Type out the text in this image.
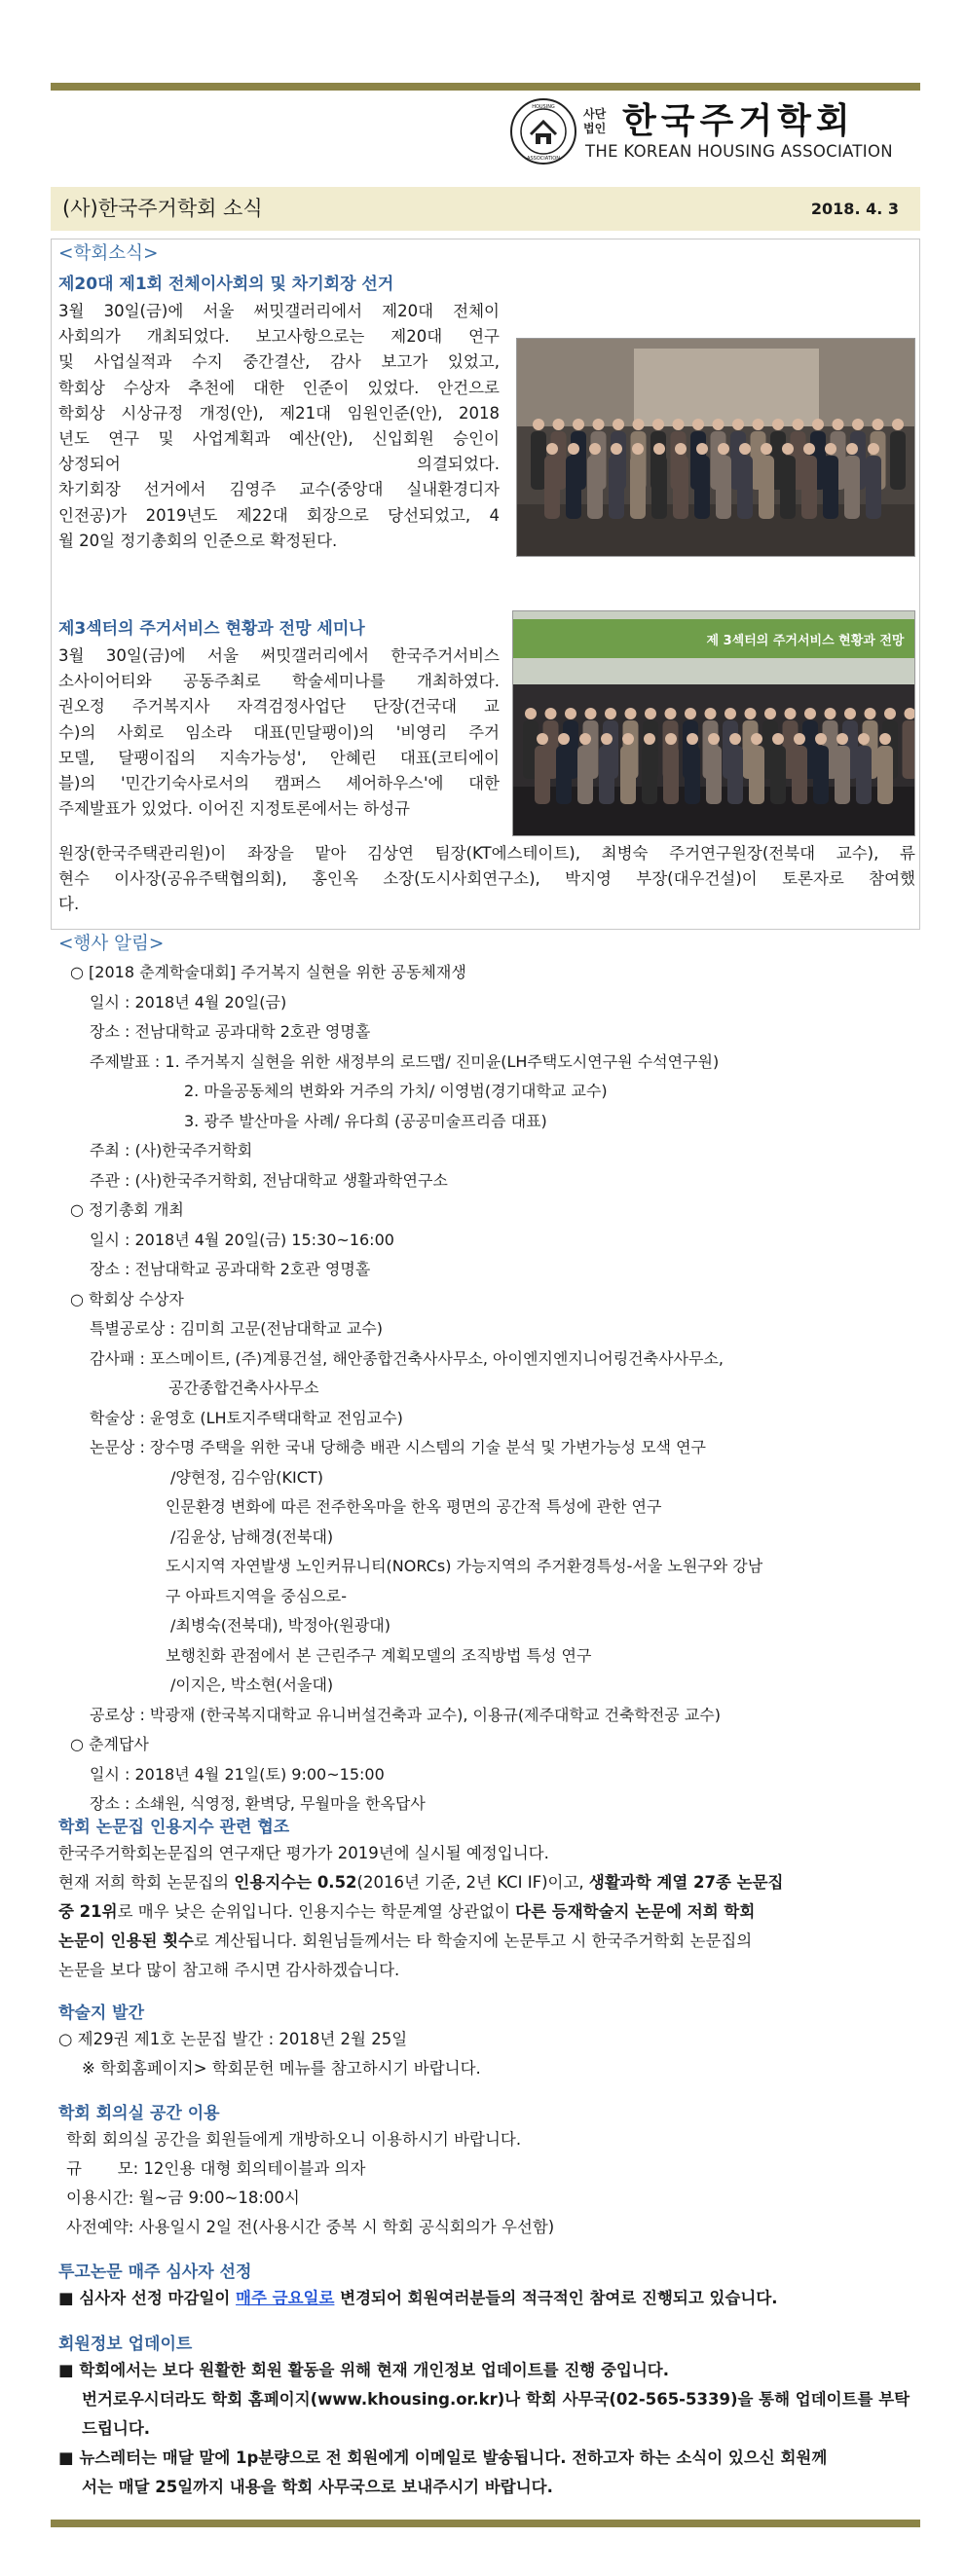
HOUSING
ASSOCIATION
사단
법인 한국주거학회
THE KOREAN HOUSING ASSOCIATION
(사)한국주거학회 소식	2018. 4. 3
<학회소식>
제20대 제1회 전체이사회의 및 차기회장 선거
3월 30일(금)에 서울 써밋갤러리에서 제20대 전체이
사회의가 개최되었다. 보고사항으로는 제20대 연구
및 사업실적과 수지 중간결산, 감사 보고가 있었고,
학회상 수상자 추천에 대한 인준이 있었다. 안건으로
학회상 시상규정 개정(안), 제21대 임원인준(안), 2018
년도 연구 및 사업계획과 예산(안), 신입회원 승인이
상정되어 의결되었다.
차기회장 선거에서 김영주 교수(중앙대 실내환경디자
인전공)가 2019년도 제22대 회장으로 당선되었고, 4
월 20일 정기총회의 인준으로 확정된다.
제3섹터의 주거서비스 현황과 전망 세미나
3월 30일(금)에 서울 써밋갤러리에서 한국주거서비스
소사이어티와 공동주최로 학술세미나를 개최하였다.
권오정 주거복지사 자격검정사업단 단장(건국대 교
수)의 사회로 임소라 대표(민달팽이)의 '비영리 주거
모델, 달팽이집의 지속가능성', 안혜린 대표(코티에이
블)의 '민간기숙사로서의 캠퍼스 셰어하우스'에 대한
주제발표가 있었다. 이어진 지정토론에서는 하성규
원장(한국주택관리원)이 좌장을 맡아 김상연 팀장(KT에스테이트), 최병숙 주거연구원장(전북대 교수), 류
현수 이사장(공유주택협의회), 홍인옥 소장(도시사회연구소), 박지영 부장(대우건설)이 토론자로 참여했
다.
제 3섹터의 주거서비스 현황과 전망
<행사 알림>
○ [2018 춘계학술대회] 주거복지 실현을 위한 공동체재생
일시 : 2018년 4월 20일(금)
장소 : 전남대학교 공과대학 2호관 영명홀
주제발표 : 1. 주거복지 실현을 위한 새정부의 로드맵/ 진미윤(LH주택도시연구원 수석연구원)
2. 마을공동체의 변화와 거주의 가치/ 이영범(경기대학교 교수)
3. 광주 발산마을 사례/ 유다희 (공공미술프리즘 대표)
주최 : (사)한국주거학회
주관 : (사)한국주거학회, 전남대학교 생활과학연구소
○ 정기총회 개최
일시 : 2018년 4월 20일(금) 15:30~16:00
장소 : 전남대학교 공과대학 2호관 영명홀
○ 학회상 수상자
특별공로상 : 김미희 고문(전남대학교 교수)
감사패 : 포스메이트, (주)계룡건설, 해안종합건축사사무소, 아이엔지엔지니어링건축사사무소,
공간종합건축사사무소
학술상 : 윤영호 (LH토지주택대학교 전임교수)
논문상 : 장수명 주택을 위한 국내 당해층 배관 시스템의 기술 분석 및 가변가능성 모색 연구
/양현정, 김수암(KICT)
인문환경 변화에 따른 전주한옥마을 한옥 평면의 공간적 특성에 관한 연구
/김윤상, 남해경(전북대)
도시지역 자연발생 노인커뮤니티(NORCs) 가능지역의 주거환경특성-서울 노원구와 강남
구 아파트지역을 중심으로-
/최병숙(전북대), 박정아(원광대)
보행친화 관점에서 본 근린주구 계획모델의 조직방법 특성 연구
/이지은, 박소현(서울대)
공로상 : 박광재 (한국복지대학교 유니버설건축과 교수), 이용규(제주대학교 건축학전공 교수)
○ 춘계답사
일시 : 2018년 4월 21일(토) 9:00~15:00
장소 : 소쇄원, 식영정, 환벽당, 무월마을 한옥답사
학회 논문집 인용지수 관련 협조
한국주거학회논문집의 연구재단 평가가 2019년에 실시될 예정입니다.
현재 저희 학회 논문집의 인용지수는 0.52(2016년 기준, 2년 KCI IF)이고, 생활과학 계열 27종 논문집
중 21위로 매우 낮은 순위입니다. 인용지수는 학문계열 상관없이 다른 등재학술지 논문에 저희 학회
논문이 인용된 횟수로 계산됩니다. 회원님들께서는 타 학술지에 논문투고 시 한국주거학회 논문집의
논문을 보다 많이 참고해 주시면 감사하겠습니다.
학술지 발간
○ 제29권 제1호 논문집 발간 : 2018년 2월 25일
※ 학회홈페이지> 학회문헌 메뉴를 참고하시기 바랍니다.
학회 회의실 공간 이용
학회 회의실 공간을 회원들에게 개방하오니 이용하시기 바랍니다.
규       모: 12인용 대형 회의테이블과 의자
이용시간: 월~금 9:00~18:00시
사전예약: 사용일시 2일 전(사용시간 중복 시 학회 공식회의가 우선함)
투고논문 매주 심사자 선정
■ 심사자 선정 마감일이 매주 금요일로 변경되어 회원여러분들의 적극적인 참여로 진행되고 있습니다.
회원정보 업데이트
■ 학회에서는 보다 원활한 회원 활동을 위해 현재 개인정보 업데이트를 진행 중입니다.
번거로우시더라도 학회 홈페이지(www.khousing.or.kr)나 학회 사무국(02-565-5339)을 통해 업데이트를 부탁
드립니다.
■ 뉴스레터는 매달 말에 1p분량으로 전 회원에게 이메일로 발송됩니다. 전하고자 하는 소식이 있으신 회원께
서는 매달 25일까지 내용을 학회 사무국으로 보내주시기 바랍니다.
